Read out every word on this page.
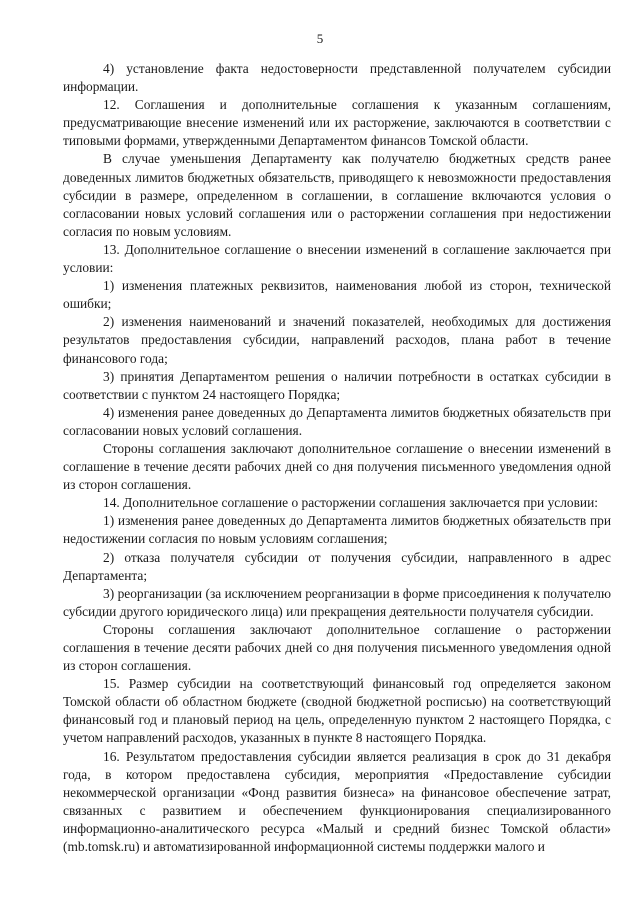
5

4) установление факта недостоверности представленной получателем субсидии информации.

12. Соглашения и дополнительные соглашения к указанным соглашениям, предусматривающие внесение изменений или их расторжение, заключаются в соответствии с типовыми формами, утвержденными Департаментом финансов Томской области.

В случае уменьшения Департаменту как получателю бюджетных средств ранее доведенных лимитов бюджетных обязательств, приводящего к невозможности предоставления субсидии в размере, определенном в соглашении, в соглашение включаются условия о согласовании новых условий соглашения или о расторжении соглашения при недостижении согласия по новым условиям.

13. Дополнительное соглашение о внесении изменений в соглашение заключается при условии:

1) изменения платежных реквизитов, наименования любой из сторон, технической ошибки;

2) изменения наименований и значений показателей, необходимых для достижения результатов предоставления субсидии, направлений расходов, плана работ в течение финансового года;

3) принятия Департаментом решения о наличии потребности в остатках субсидии в соответствии с пунктом 24 настоящего Порядка;

4) изменения ранее доведенных до Департамента лимитов бюджетных обязательств при согласовании новых условий соглашения.

Стороны соглашения заключают дополнительное соглашение о внесении изменений в соглашение в течение десяти рабочих дней со дня получения письменного уведомления одной из сторон соглашения.

14. Дополнительное соглашение о расторжении соглашения заключается при условии:

1) изменения ранее доведенных до Департамента лимитов бюджетных обязательств при недостижении согласия по новым условиям соглашения;

2) отказа получателя субсидии от получения субсидии, направленного в адрес Департамента;

3) реорганизации (за исключением реорганизации в форме присоединения к получателю субсидии другого юридического лица) или прекращения деятельности получателя субсидии.

Стороны соглашения заключают дополнительное соглашение о расторжении соглашения в течение десяти рабочих дней со дня получения письменного уведомления одной из сторон соглашения.

15. Размер субсидии на соответствующий финансовый год определяется законом Томской области об областном бюджете (сводной бюджетной росписью) на соответствующий финансовый год и плановый период на цель, определенную пунктом 2 настоящего Порядка, с учетом направлений расходов, указанных в пункте 8 настоящего Порядка.

16. Результатом предоставления субсидии является реализация в срок до 31 декабря года, в котором предоставлена субсидия, мероприятия «Предоставление субсидии некоммерческой организации «Фонд развития бизнеса» на финансовое обеспечение затрат, связанных с развитием и обеспечением функционирования специализированного информационно-аналитического ресурса «Малый и средний бизнес Томской области» (mb.tomsk.ru) и автоматизированной информационной системы поддержки малого и
